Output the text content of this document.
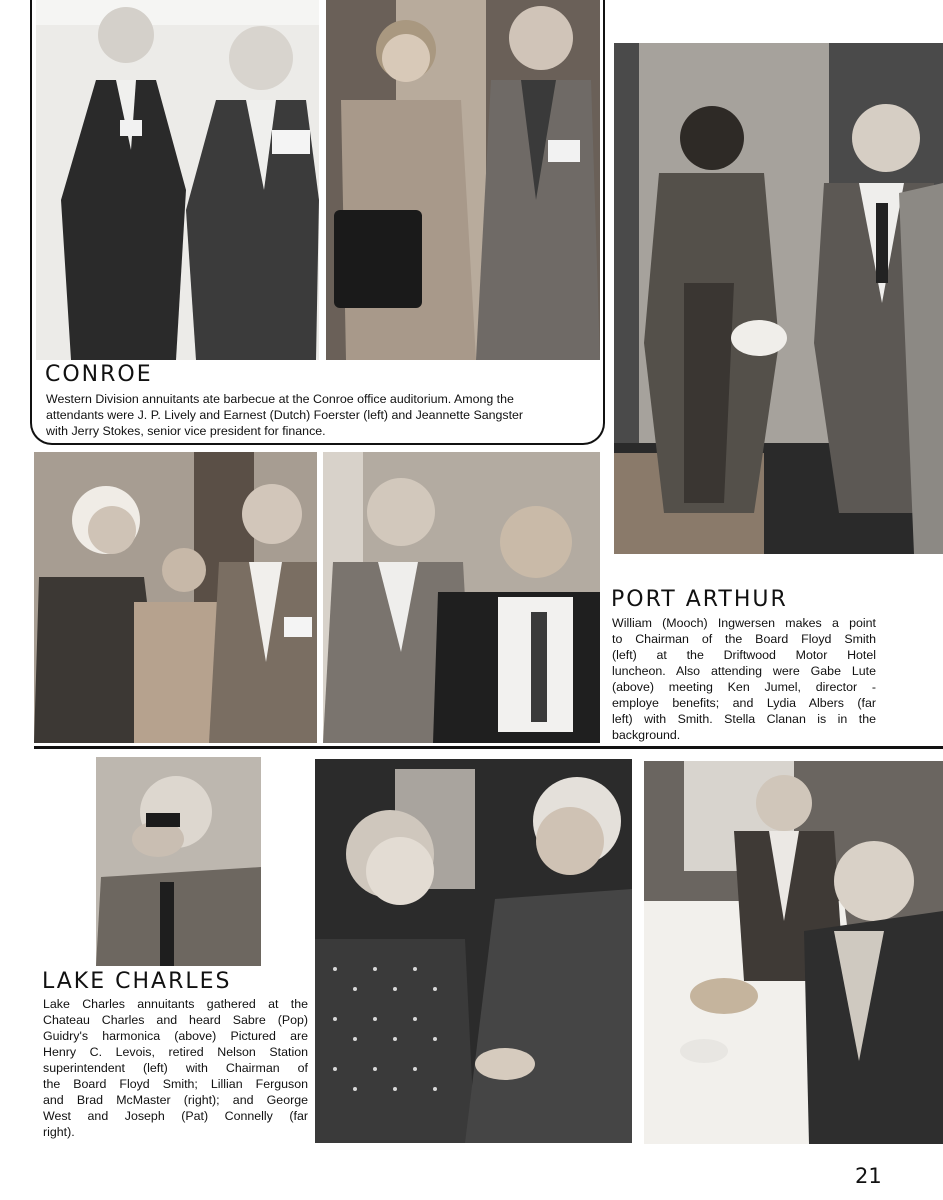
CONROE

Western Division annuitants ate barbecue at the Conroe office auditorium. Among the
attendants were J. P. Lively and Earnest (Dutch) Foerster (left) and Jeannette Sangster
with Jerry Stokes, senior vice president for finance.

PORT ARTHUR

William (Mooch) Ingwersen makes a point
to Chairman of the Board Floyd Smith
(left) at the Driftwood Motor Hotel
luncheon. Also attending were Gabe Lute
(above) meeting Ken Jumel, director -
employe benefits; and Lydia Albers (far
left) with Smith. Stella Clanan is in the
background.

LAKE CHARLES

Lake Charles annuitants gathered at the
Chateau Charles and heard Sabre (Pop)
Guidry's harmonica (above) Pictured are
Henry C. Levois, retired Nelson Station
superintendent (left) with Chairman of
the Board Floyd Smith; Lillian Ferguson
and Brad McMaster (right); and George
West and Joseph (Pat) Connelly (far
right).

21
